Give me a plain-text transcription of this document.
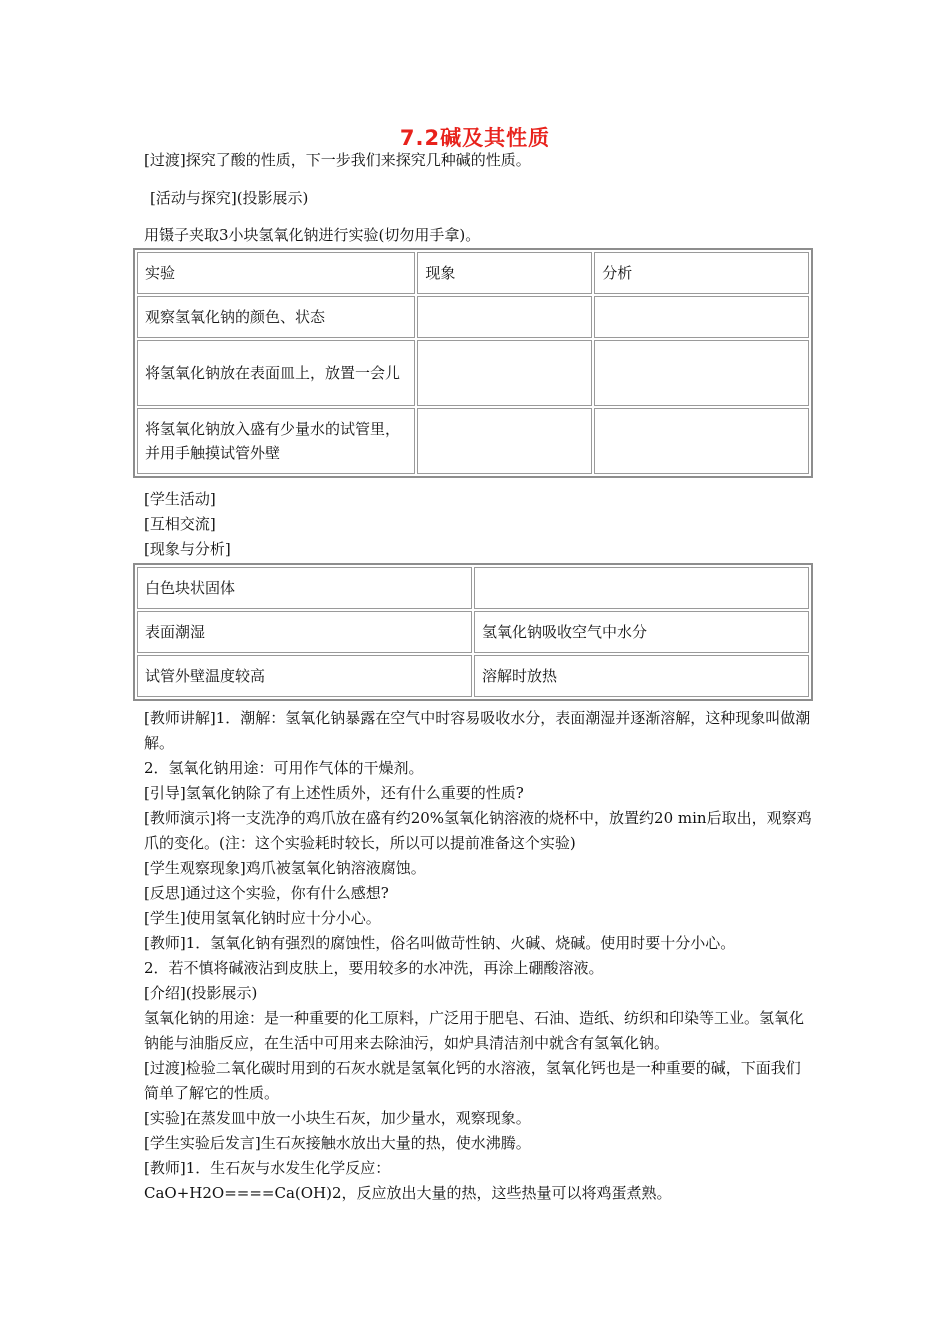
7.2碱及其性质
[过渡]探究了酸的性质，下一步我们来探究几种碱的性质。
[活动与探究](投影展示)
用镊子夹取3小块氢氧化钠进行实验(切勿用手拿)。
实验	现象	分析
观察氢氧化钠的颜色、状态		
将氢氧化钠放在表面皿上，放置一会儿		
将氢氧化钠放入盛有少量水的试管里，并用手触摸试管外壁		
[学生活动]
[互相交流]
[现象与分析]
白色块状固体	
表面潮湿	氢氧化钠吸收空气中水分
试管外壁温度较高	溶解时放热
[教师讲解]1．潮解：氢氧化钠暴露在空气中时容易吸收水分，表面潮湿并逐渐溶解，这种现象叫做潮解。
2．氢氧化钠用途：可用作气体的干燥剂。
[引导]氢氧化钠除了有上述性质外，还有什么重要的性质?
[教师演示]将一支洗净的鸡爪放在盛有约20%氢氧化钠溶液的烧杯中，放置约20 min后取出，观察鸡爪的变化。(注：这个实验耗时较长，所以可以提前准备这个实验)
[学生观察现象]鸡爪被氢氧化钠溶液腐蚀。
[反思]通过这个实验，你有什么感想?
[学生]使用氢氧化钠时应十分小心。
[教师]1．氢氧化钠有强烈的腐蚀性，俗名叫做苛性钠、火碱、烧碱。使用时要十分小心。
2．若不慎将碱液沾到皮肤上，要用较多的水冲洗，再涂上硼酸溶液。
[介绍](投影展示)
氢氧化钠的用途：是一种重要的化工原料，广泛用于肥皂、石油、造纸、纺织和印染等工业。氢氧化钠能与油脂反应，在生活中可用来去除油污，如炉具清洁剂中就含有氢氧化钠。
[过渡]检验二氧化碳时用到的石灰水就是氢氧化钙的水溶液，氢氧化钙也是一种重要的碱，下面我们简单了解它的性质。
[实验]在蒸发皿中放一小块生石灰，加少量水，观察现象。
[学生实验后发言]生石灰接触水放出大量的热，使水沸腾。
[教师]1．生石灰与水发生化学反应：
CaO+H2O====Ca(OH)2，反应放出大量的热，这些热量可以将鸡蛋煮熟。
